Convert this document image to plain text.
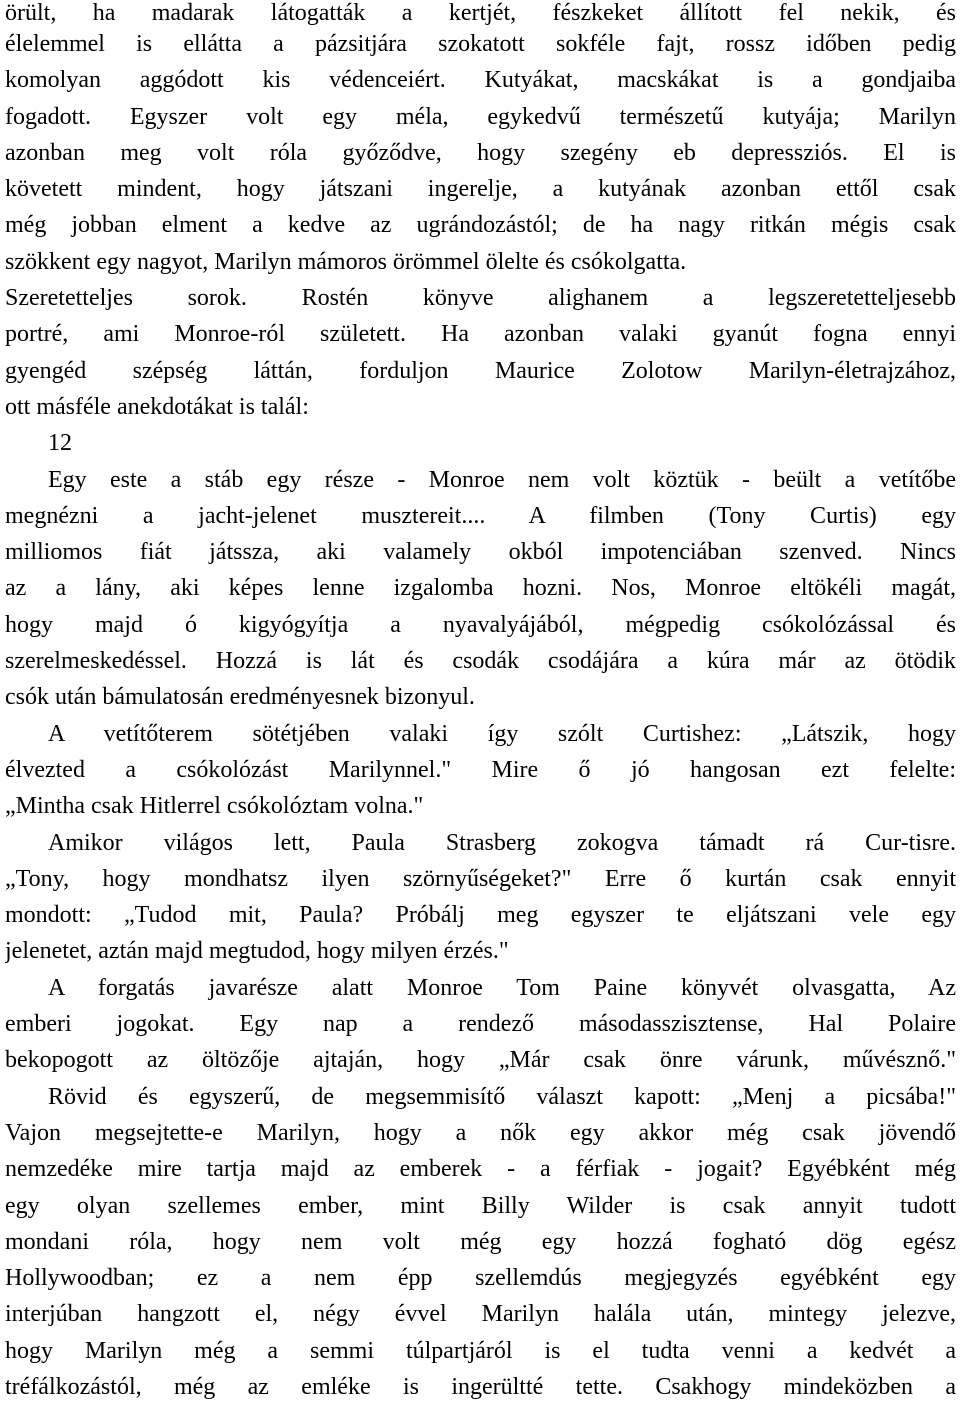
örült, ha madarak látogatták a kertjét, fészkeket állított fel nekik, és
élelemmel is ellátta a pázsitjára szokatott sokféle fajt, rossz időben pedig
komolyan aggódott kis védenceiért. Kutyákat, macskákat is a gondjaiba
fogadott. Egyszer volt egy méla, egykedvű természetű kutyája; Marilyn
azonban meg volt róla győződve, hogy szegény eb depressziós. El is
követett mindent, hogy játszani ingerelje, a kutyának azonban ettől csak
még jobban elment a kedve az ugrándozástól; de ha nagy ritkán mégis csak
szökkent egy nagyot, Marilyn mámoros örömmel ölelte és csókolgatta.
Szeretetteljes sorok. Rostén könyve alighanem a legszeretetteljesebb
portré, ami Monroe-ról született. Ha azonban valaki gyanút fogna ennyi
gyengéd szépség láttán, forduljon Maurice Zolotow Marilyn-életrajzához,
ott másféle anekdotákat is talál:
12
Egy este a stáb egy része - Monroe nem volt köztük - beült a vetítőbe
megnézni a jacht-jelenet musztereit.... A filmben (Tony Curtis) egy
milliomos fiát játssza, aki valamely okból impotenciában szenved. Nincs
az a lány, aki képes lenne izgalomba hozni. Nos, Monroe eltökéli magát,
hogy majd ó kigyógyítja a nyavalyájából, mégpedig csókolózással és
szerelmeskedéssel. Hozzá is lát és csodák csodájára a kúra már az ötödik
csók után bámulatosán eredményesnek bizonyul.
A vetítőterem sötétjében valaki így szólt Curtishez: „Látszik, hogy
élvezted a csókolózást Marilynnel." Mire ő jó hangosan ezt felelte:
„Mintha csak Hitlerrel csókolóztam volna."
Amikor világos lett, Paula Strasberg zokogva támadt rá Cur-tisre.
„Tony, hogy mondhatsz ilyen szörnyűségeket?" Erre ő kurtán csak ennyit
mondott: „Tudod mit, Paula? Próbálj meg egyszer te eljátszani vele egy
jelenetet, aztán majd megtudod, hogy milyen érzés."
A forgatás javarésze alatt Monroe Tom Paine könyvét olvasgatta, Az
emberi jogokat. Egy nap a rendező másodasszisztense, Hal Polaire
bekopogott az öltözője ajtaján, hogy „Már csak önre várunk, művésznő."
Rövid és egyszerű, de megsemmisítő választ kapott: „Menj a picsába!"
Vajon megsejtette-e Marilyn, hogy a nők egy akkor még csak jövendő
nemzedéke mire tartja majd az emberek - a férfiak - jogait? Egyébként még
egy olyan szellemes ember, mint Billy Wilder is csak annyit tudott
mondani róla, hogy nem volt még egy hozzá fogható dög egész
Hollywoodban; ez a nem épp szellemdús megjegyzés egyébként egy
interjúban hangzott el, négy évvel Marilyn halála után, mintegy jelezve,
hogy Marilyn még a semmi túlpartjáról is el tudta venni a kedvét a
tréfálkozástól, még az emléke is ingerültté tette. Csakhogy mindeközben a
